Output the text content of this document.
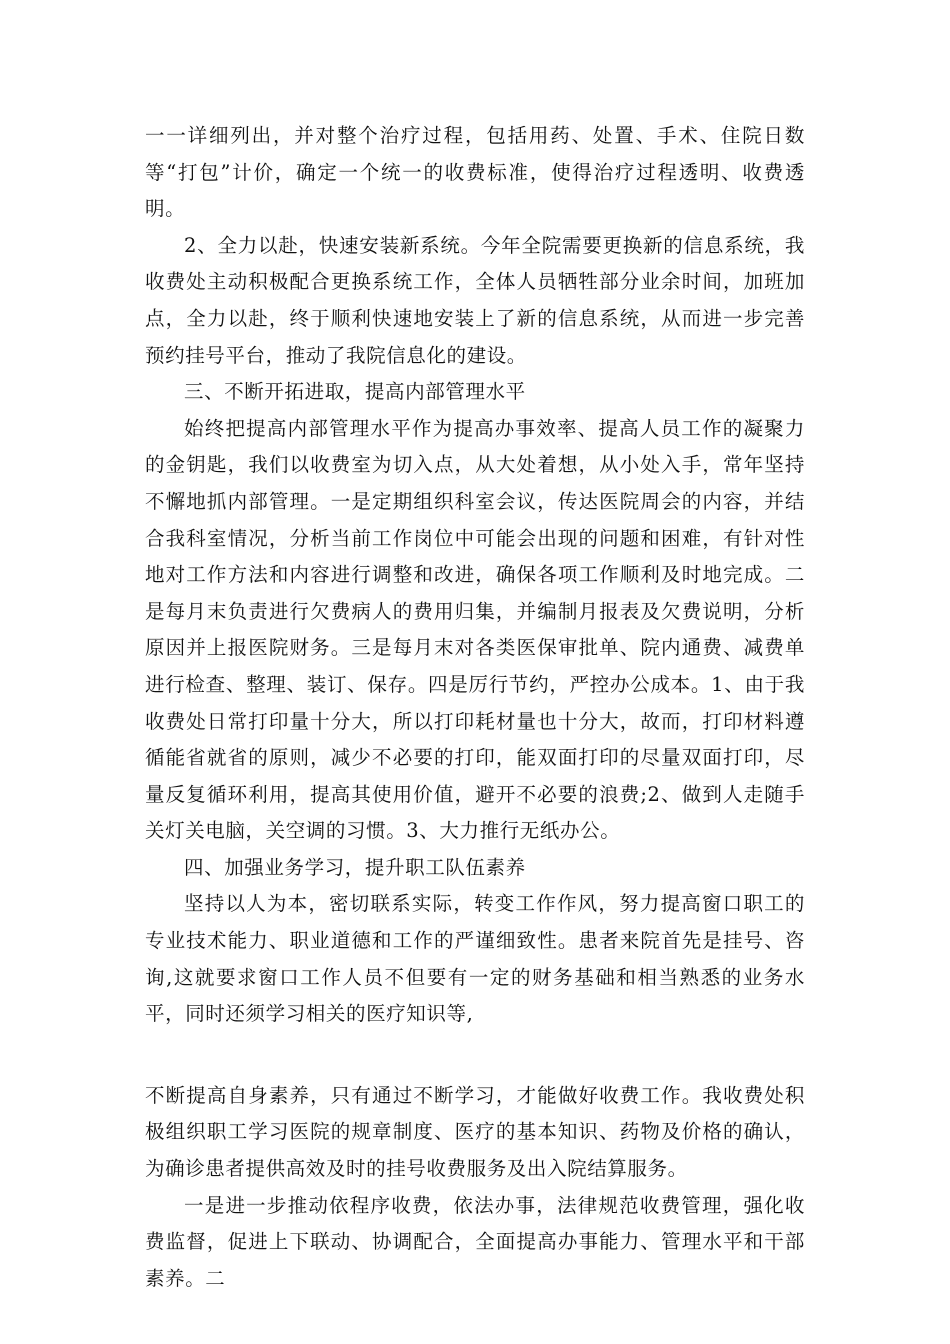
一一详细列出，并对整个治疗过程，包括用药、处置、手术、住院日数等“打包”计价，确定一个统一的收费标准，使得治疗过程透明、收费透明。

2、全力以赴，快速安装新系统。今年全院需要更换新的信息系统，我收费处主动积极配合更换系统工作，全体人员牺牲部分业余时间，加班加点，全力以赴，终于顺利快速地安装上了新的信息系统，从而进一步完善预约挂号平台，推动了我院信息化的建设。

三、不断开拓进取，提高内部管理水平

始终把提高内部管理水平作为提高办事效率、提高人员工作的凝聚力的金钥匙，我们以收费室为切入点，从大处着想，从小处入手，常年坚持不懈地抓内部管理。一是定期组织科室会议，传达医院周会的内容，并结合我科室情况，分析当前工作岗位中可能会出现的问题和困难，有针对性地对工作方法和内容进行调整和改进，确保各项工作顺利及时地完成。二是每月末负责进行欠费病人的费用归集，并编制月报表及欠费说明，分析原因并上报医院财务。三是每月末对各类医保审批单、院内通费、减费单进行检查、整理、装订、保存。四是厉行节约，严控办公成本。1、由于我收费处日常打印量十分大，所以打印耗材量也十分大，故而，打印材料遵循能省就省的原则，减少不必要的打印，能双面打印的尽量双面打印，尽量反复循环利用，提高其使用价值，避开不必要的浪费;2、做到人走随手关灯关电脑，关空调的习惯。3、大力推行无纸办公。

四、加强业务学习，提升职工队伍素养

坚持以人为本，密切联系实际，转变工作作风，努力提高窗口职工的专业技术能力、职业道德和工作的严谨细致性。患者来院首先是挂号、咨询,这就要求窗口工作人员不但要有一定的财务基础和相当熟悉的业务水平，同时还须学习相关的医疗知识等,

不断提高自身素养，只有通过不断学习，才能做好收费工作。我收费处积极组织职工学习医院的规章制度、医疗的基本知识、药物及价格的确认，为确诊患者提供高效及时的挂号收费服务及出入院结算服务。

一是进一步推动依程序收费，依法办事，法律规范收费管理，强化收费监督，促进上下联动、协调配合，全面提高办事能力、管理水平和干部素养。二
